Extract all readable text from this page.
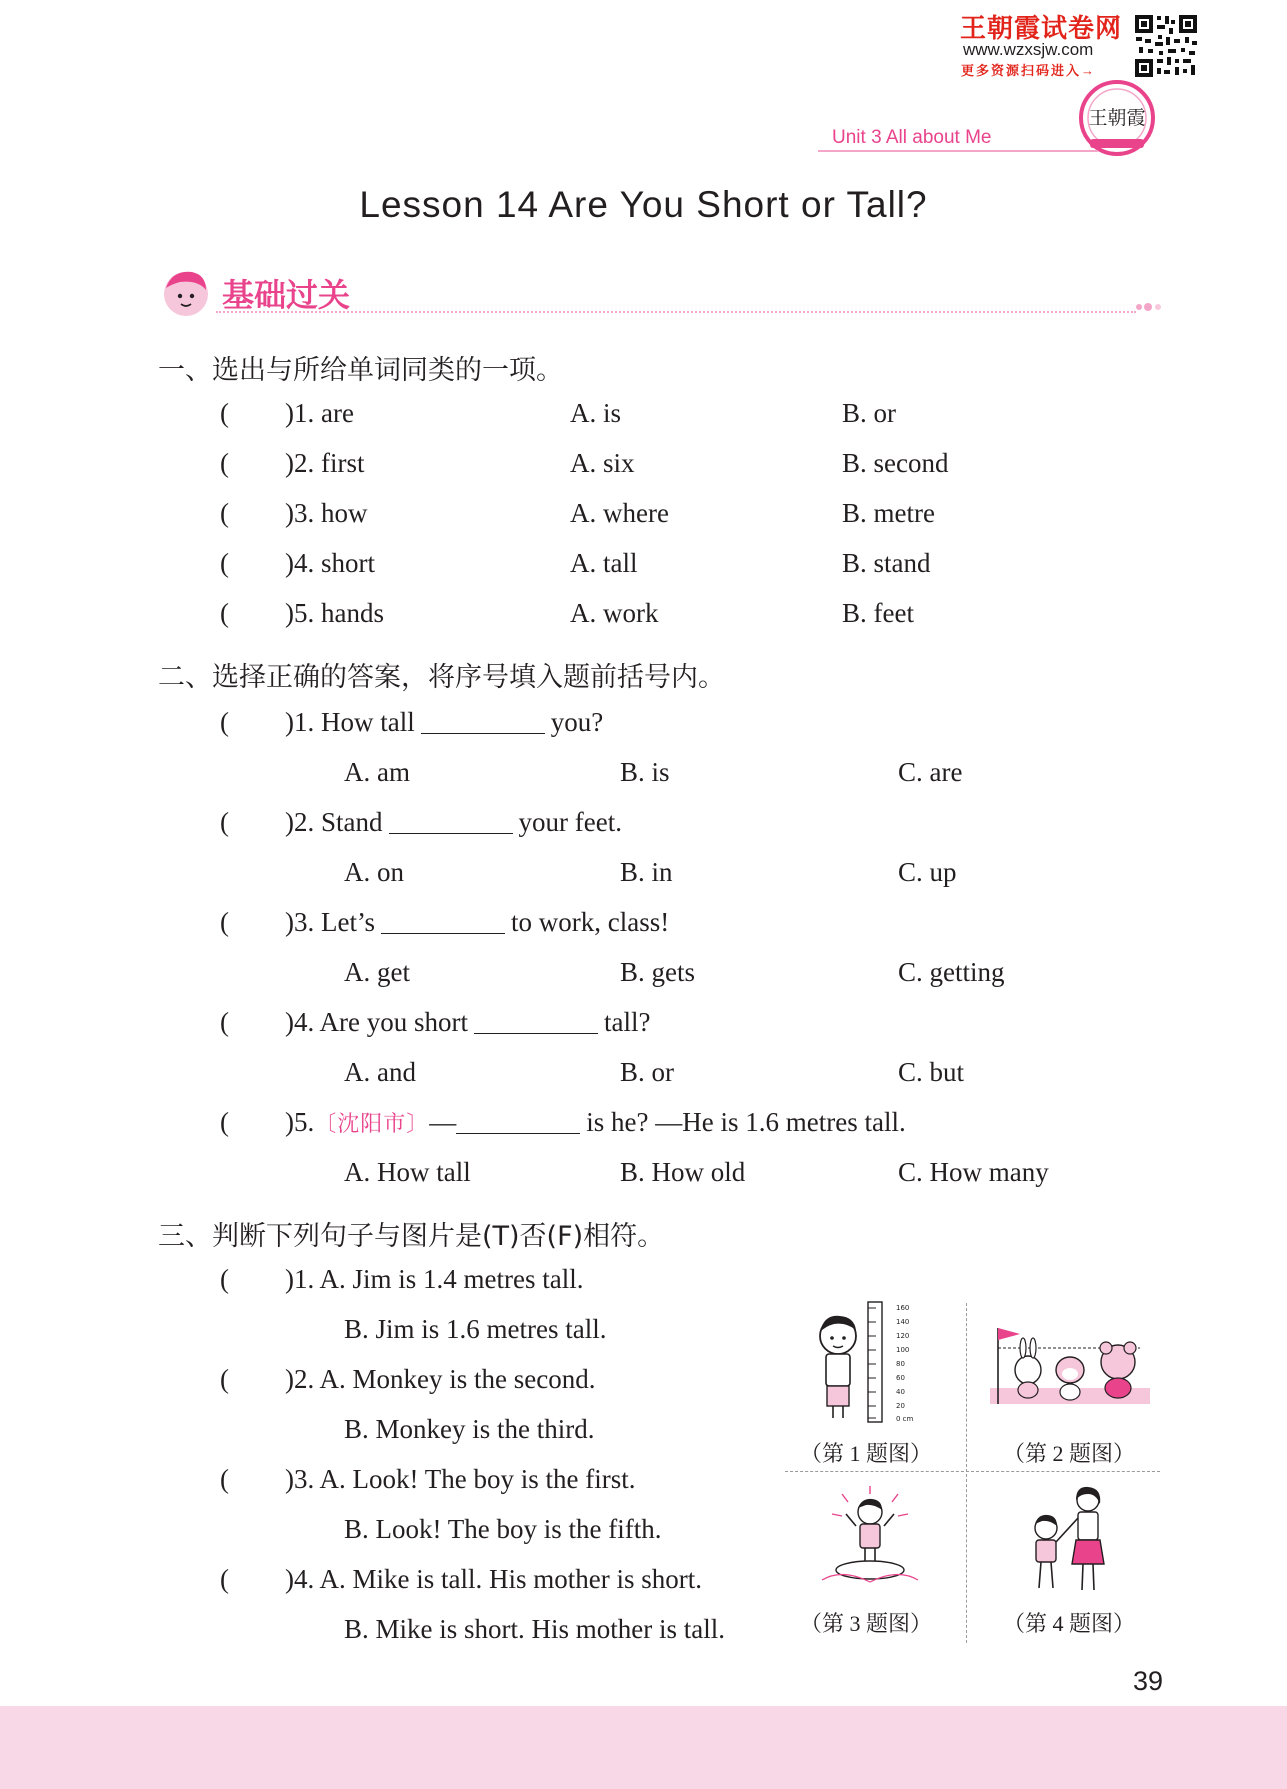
王朝霞试卷网
www.wzxsjw.com
更多资源扫码进入→
王朝霞
Unit 3 All about Me
Lesson 14 Are You Short or Tall?
基础过关
一、选出与所给单词同类的一项。
( )1. are	A. is	B. or
( )2. first	A. six	B. second
( )3. how	A. where	B. metre
( )4. short	A. tall	B. stand
( )5. hands	A. work	B. feet
二、选择正确的答案，将序号填入题前括号内。
( )1. How tall	you?
A. am	B. is	C. are
( )2. Stand	your feet.
A. on	B. in	C. up
( )3. Let’s	to work, class!
A. get	B. gets	C. getting
( )4. Are you short	tall?
A. and	B. or	C. but
( )5.〔沈阳市〕—	is he? —He is 1.6 metres tall.
A. How tall	B. How old	C. How many
三、判断下列句子与图片是(T)否(F)相符。
( )1. A. Jim is 1.4 metres tall.
B. Jim is 1.6 metres tall.
( )2. A. Monkey is the second.
B. Monkey is the third.
( )3. A. Look! The boy is the first.
B. Look! The boy is the fifth.
( )4. A. Mike is tall. His mother is short.
B. Mike is short. His mother is tall.
160
140
120
100
80
60
40
20
0 cm
（第 1 题图）	（第 2 题图）
（第 3 题图）	（第 4 题图）
39
